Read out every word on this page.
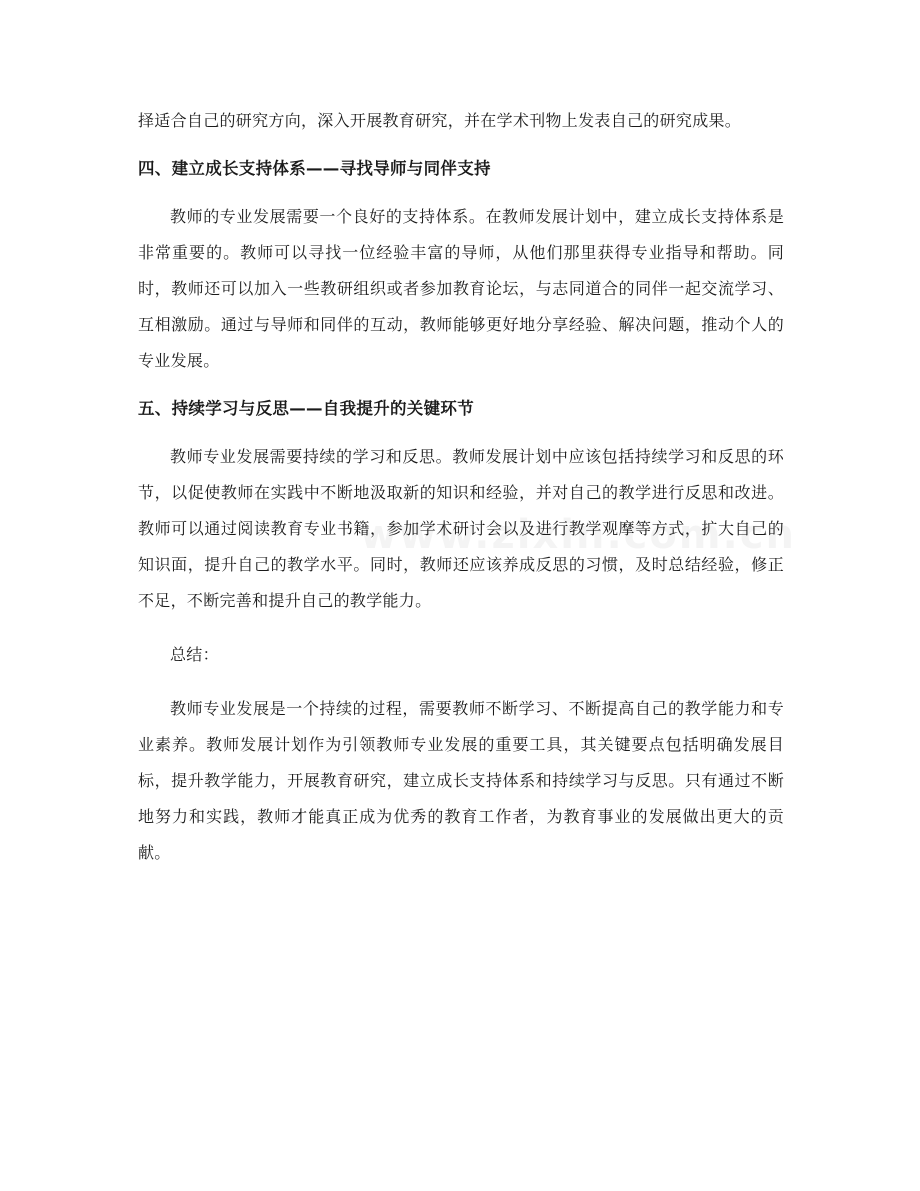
择适合自己的研究方向，深入开展教育研究，并在学术刊物上发表自己的研究成果。

四、建立成长支持体系——寻找导师与同伴支持

教师的专业发展需要一个良好的支持体系。在教师发展计划中，建立成长支持体系是非常重要的。教师可以寻找一位经验丰富的导师，从他们那里获得专业指导和帮助。同时，教师还可以加入一些教研组织或者参加教育论坛，与志同道合的同伴一起交流学习、互相激励。通过与导师和同伴的互动，教师能够更好地分享经验、解决问题，推动个人的专业发展。

五、持续学习与反思——自我提升的关键环节

教师专业发展需要持续的学习和反思。教师发展计划中应该包括持续学习和反思的环节，以促使教师在实践中不断地汲取新的知识和经验，并对自己的教学进行反思和改进。教师可以通过阅读教育专业书籍，参加学术研讨会以及进行教学观摩等方式，扩大自己的知识面，提升自己的教学水平。同时，教师还应该养成反思的习惯，及时总结经验，修正不足，不断完善和提升自己的教学能力。

总结：

教师专业发展是一个持续的过程，需要教师不断学习、不断提高自己的教学能力和专业素养。教师发展计划作为引领教师专业发展的重要工具，其关键要点包括明确发展目标，提升教学能力，开展教育研究，建立成长支持体系和持续学习与反思。只有通过不断地努力和实践，教师才能真正成为优秀的教育工作者，为教育事业的发展做出更大的贡献。
